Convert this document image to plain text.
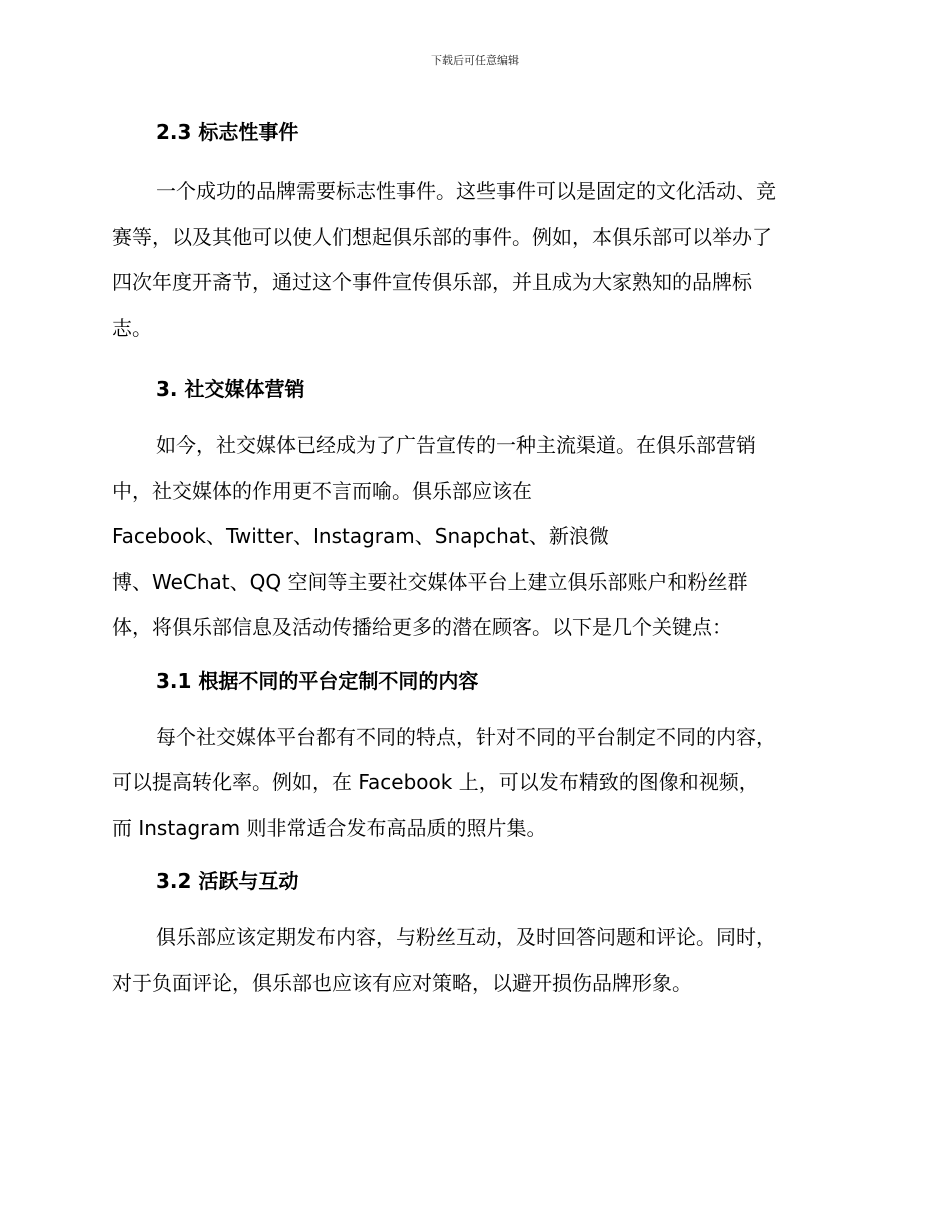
下载后可任意编辑
2.3 标志性事件

一个成功的品牌需要标志性事件。这些事件可以是固定的文化活动、竞
赛等，以及其他可以使人们想起俱乐部的事件。例如，本俱乐部可以举办了
四次年度开斋节，通过这个事件宣传俱乐部，并且成为大家熟知的品牌标
志。

3. 社交媒体营销

如今，社交媒体已经成为了广告宣传的一种主流渠道。在俱乐部营销
中，社交媒体的作用更不言而喻。俱乐部应该在
Facebook、Twitter、Instagram、Snapchat、新浪微
博、WeChat、QQ 空间等主要社交媒体平台上建立俱乐部账户和粉丝群
体，将俱乐部信息及活动传播给更多的潜在顾客。以下是几个关键点：

3.1 根据不同的平台定制不同的内容

每个社交媒体平台都有不同的特点，针对不同的平台制定不同的内容，
可以提高转化率。例如，在 Facebook 上，可以发布精致的图像和视频，
而 Instagram 则非常适合发布高品质的照片集。

3.2 活跃与互动

俱乐部应该定期发布内容，与粉丝互动，及时回答问题和评论。同时，
对于负面评论，俱乐部也应该有应对策略，以避开损伤品牌形象。
